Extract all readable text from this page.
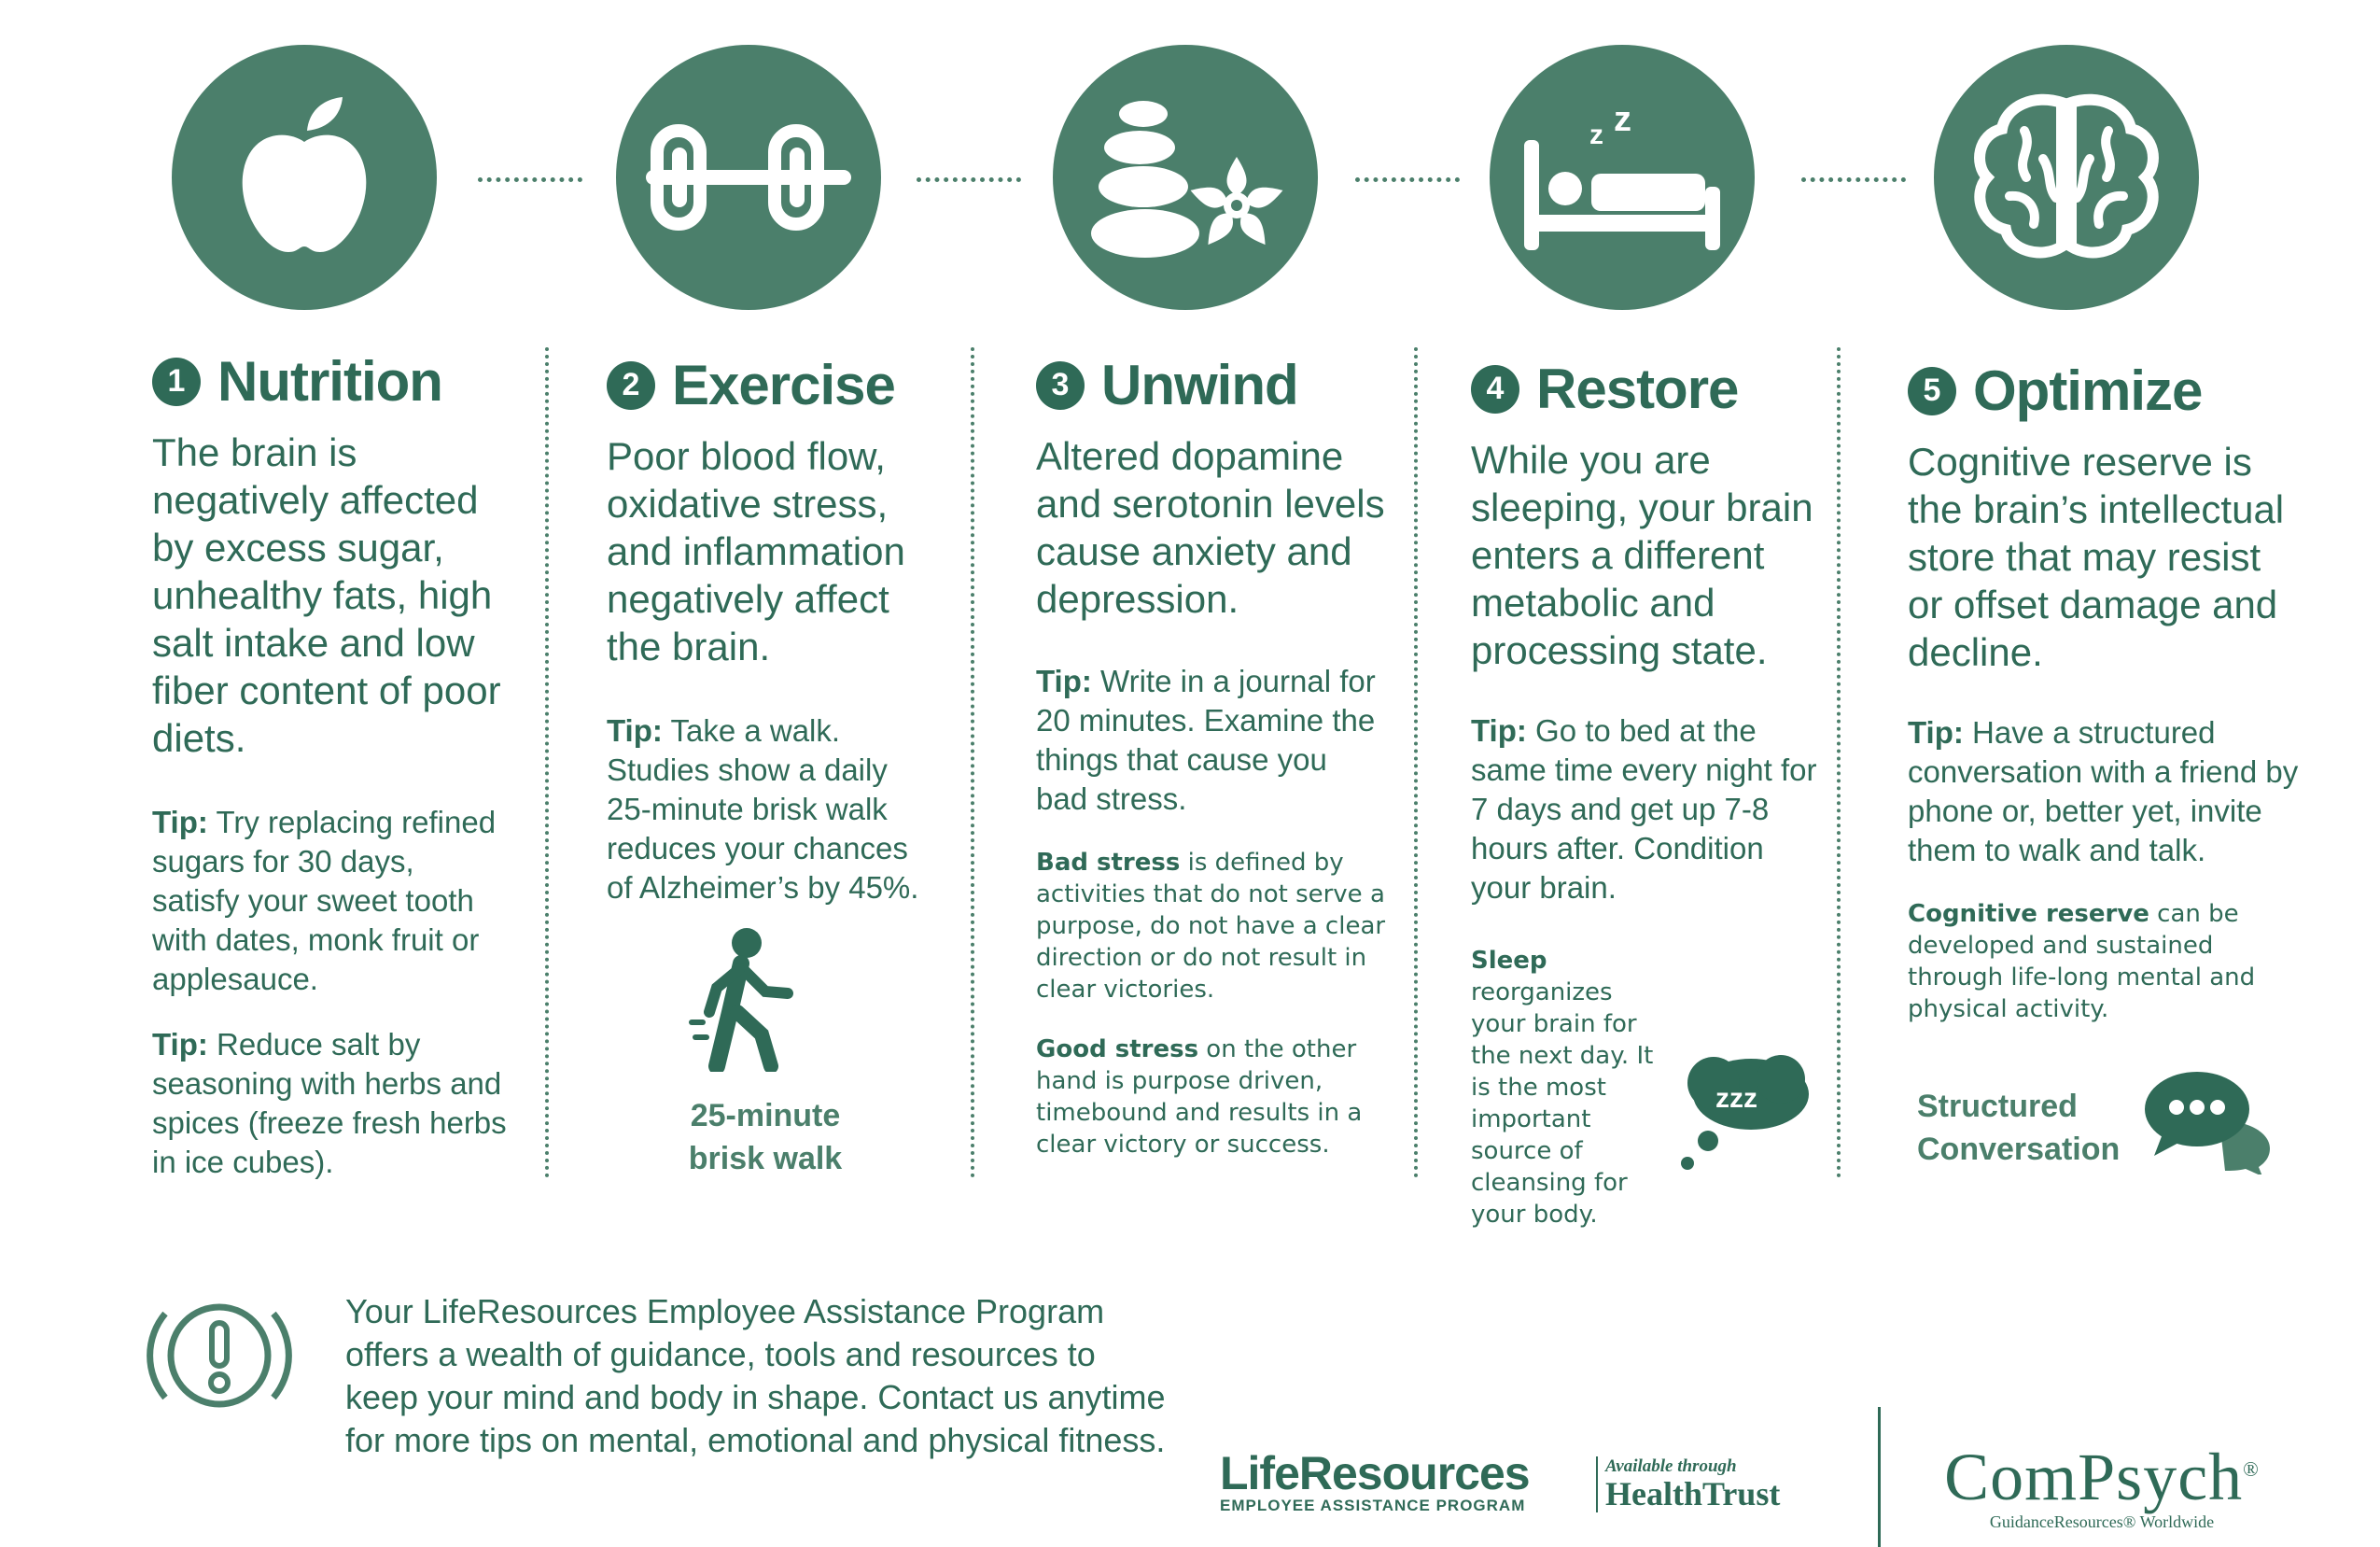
z z
1 Nutrition
The brain is negatively affected by excess sugar, unhealthy fats, high salt intake and low fiber content of poor diets.
Tip: Try replacing refined sugars for 30 days, satisfy your sweet tooth with dates, monk fruit or applesauce.
Tip: Reduce salt by seasoning with herbs and spices (freeze fresh herbs in ice cubes).
2 Exercise
Poor blood flow, oxidative stress, and inflammation negatively affect the brain.
Tip: Take a walk. Studies show a daily 25-minute brisk walk reduces your chances of Alzheimer’s by 45%.
25-minute brisk walk
3 Unwind
Altered dopamine and serotonin levels cause anxiety and depression.
Tip: Write in a journal for 20 minutes. Examine the things that cause you bad stress.
Bad stress is defined by activities that do not serve a purpose, do not have a clear direction or do not result in clear victories.
Good stress on the other hand is purpose driven, timebound and results in a clear victory or success.
4 Restore
While you are sleeping, your brain enters a different metabolic and processing state.
Tip: Go to bed at the same time every night for 7 days and get up 7-8 hours after. Condition your brain.
Sleep reorganizes your brain for the next day. It is the most important source of cleansing for your body.
zzz
5 Optimize
Cognitive reserve is the brain’s intellectual store that may resist or offset damage and decline.
Tip: Have a structured conversation with a friend by phone or, better yet, invite them to walk and talk.
Cognitive reserve can be developed and sustained through life-long mental and physical activity.
Structured Conversation
Your LifeResources Employee Assistance Program offers a wealth of guidance, tools and resources to keep your mind and body in shape. Contact us anytime for more tips on mental, emotional and physical fitness.
LifeResources
EMPLOYEE ASSISTANCE PROGRAM
Available through
HealthTrust ComPsych®
GuidanceResources® Worldwide
